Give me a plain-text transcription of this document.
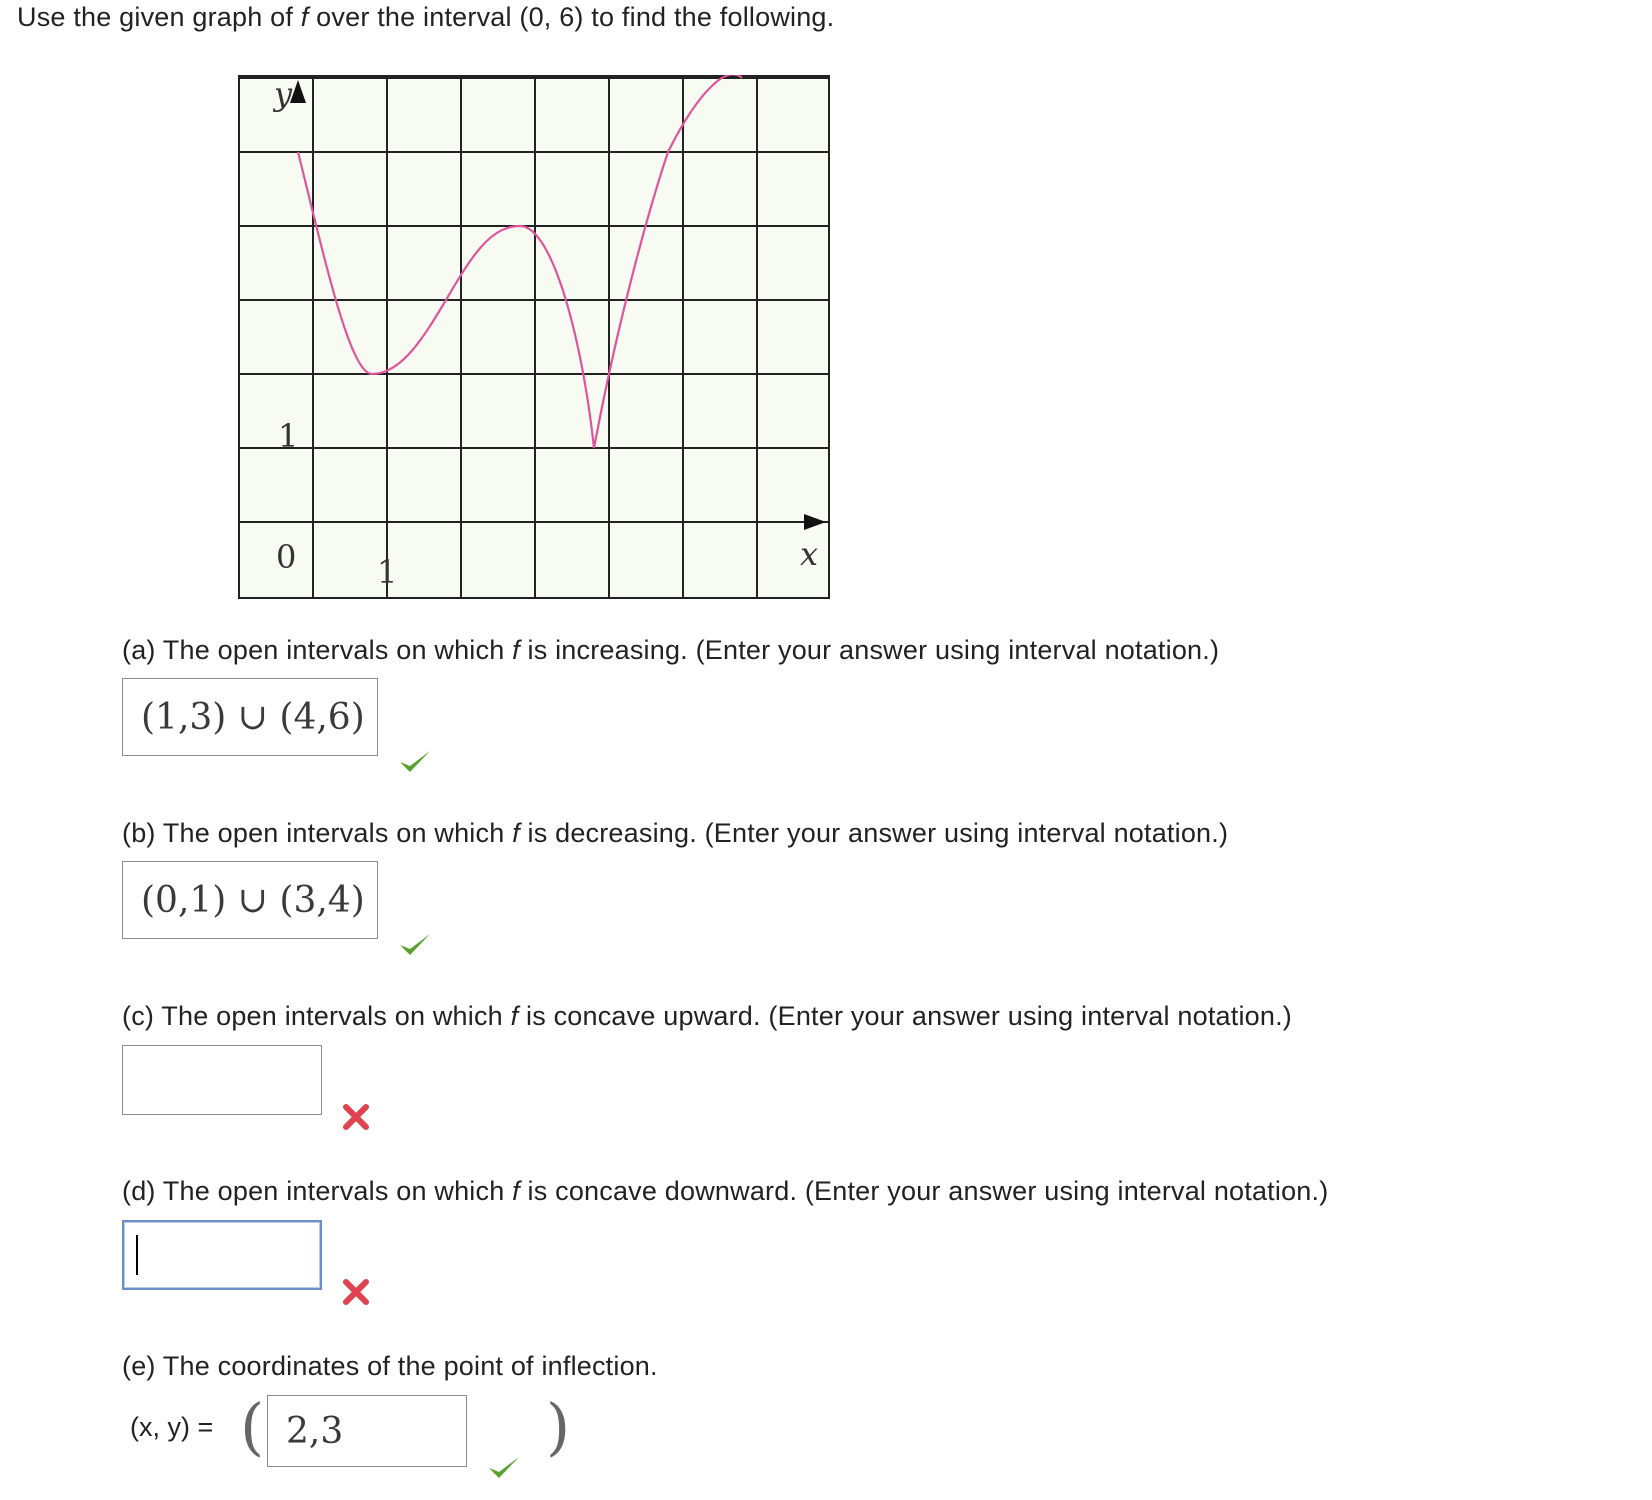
Use the given graph of f over the interval (0, 6) to find the following.
y
x
1
0	1
(a) The open intervals on which f is increasing. (Enter your answer using interval notation.)
(1,3) ∪ (4,6)
(b) The open intervals on which f is decreasing. (Enter your answer using interval notation.)
(0,1) ∪ (3,4)
(c) The open intervals on which f is concave upward. (Enter your answer using interval notation.)
(d) The open intervals on which f is concave downward. (Enter your answer using interval notation.)
(e) The coordinates of the point of inflection.
(x, y) = ( 2,3	)
